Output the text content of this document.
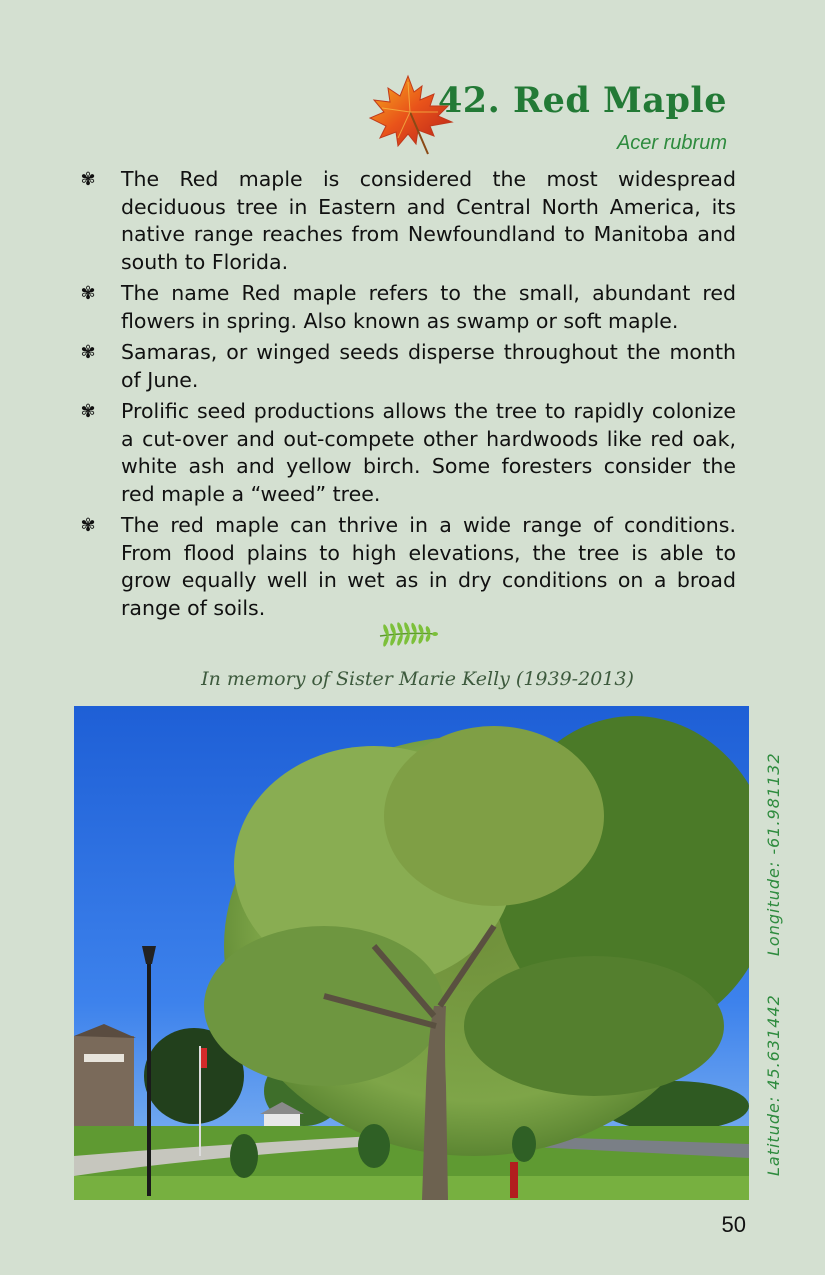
42. Red Maple
Acer rubrum
✾ The Red maple is considered the most widespread deciduous tree in Eastern and Central North America, its native range reaches from Newfoundland to Manitoba and south to Florida.
✾ The name Red maple refers to the small, abundant red flowers in spring. Also known as swamp or soft maple.
✾ Samaras, or winged seeds disperse throughout the month of June.
✾ Prolific seed productions allows the tree to rapidly colonize a cut-over and out-compete other hardwoods like red oak, white ash and yellow birch. Some foresters consider the red maple a “weed” tree.
✾ The red maple can thrive in a wide range of conditions. From flood plains to high elevations, the tree is able to grow equally well in wet as in dry conditions on a broad range of soils.
In memory of Sister Marie Kelly (1939-2013)
Latitude: 45.631442
Longitude: -61.981132
50
